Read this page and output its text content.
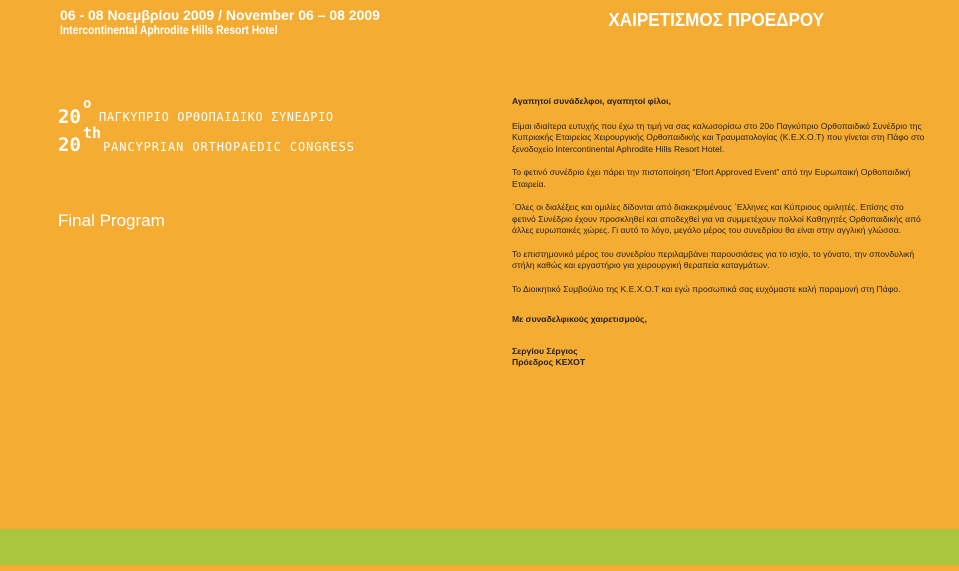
06 - 08 Νοεμβρίου 2009 / November 06 – 08 2009
Intercontinental Aphrodite Hills Resort Hotel	ΧΑΙΡΕΤΙΣΜΟΣ ΠΡΟΕΔΡΟΥ
20
o
ΠΑΓΚΥΠΡΙΟ ΟΡΘΟΠΑΙΔΙΚΟ ΣΥΝΕΔΡΙΟ
20
th
PANCYPRIAN ORTHOPAEDIC CONGRESS
Final Program

Αγαπητοί συνάδελφοι, αγαπητοί φίλοι,

Είμαι ιδιαίτερα ευτυχής που έχω τη τιμή να σας καλωσορίσω στο 20ο Παγκύπριο Ορθοπαιδικό Συνέδριο της Κυπριακής Εταιρείας Χειρουργικής Ορθοπαιδικής και Τραυματολογίας (Κ.Ε.Χ.Ο.Τ) που γίνεται στη Πάφο στο ξενοδοχείο Intercontinental Aphrodite Hills Resort Hotel.

Το φετινό συνέδριο έχει πάρει την πιστοποίηση “Efort Approved Event” από την Ευρωπαική Ορθοπαιδική Εταιρεία.

΄Ολες οι διαλέξεις και ομιλίες δίδονται από διακεκριμένους ΄Ελληνες και Κύπριους ομιλητές. Επίσης στο φετινό Συνέδριο έχουν προσκληθεί και αποδεχθεί για να συμμετέχουν πολλοί Καθηγητές Ορθοπαιδικής από άλλες ευρωπαικές χώρες. Γι αυτό το λόγο, μεγάλο μέρος του συνεδρίου θα είναι στην αγγλική γλώσσα.

Το επιστημονικό μέρος του συνεδρίου περιλαμβάνει παρουσιάσεις για το ισχίο, το γόνατο, την σπονδυλική στήλη καθώς και εργαστήριο για χειρουργική θεραπεία καταγμάτων.

Το Διοικητικό Συμβούλιο της Κ.Ε.Χ.Ο.Τ και εγώ προσωπικά σας ευχόμαστε καλή παραμονή στη Πάφο.

Με συναδελφικούς χαιρετισμούς,

Σεργίου Σέργιος

Πρόεδρος ΚΕΧΟΤ
